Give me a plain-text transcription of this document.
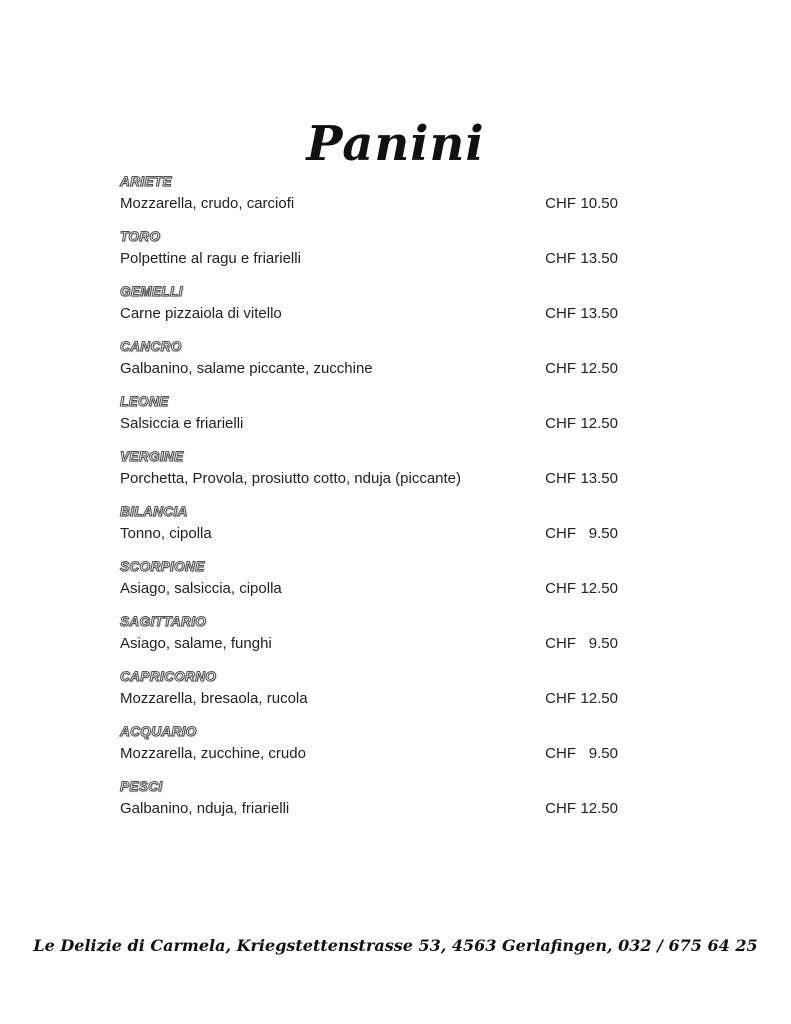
Panini
ARIETE
Mozzarella, crudo, carciofi	CHF 10.50
TORO
Polpettine al ragu e friarielli	CHF 13.50
GEMELLI
Carne pizzaiola di vitello	CHF 13.50
CANCRO
Galbanino, salame piccante, zucchine	CHF 12.50
LEONE
Salsiccia e friarielli	CHF 12.50
VERGINE
Porchetta, Provola, prosiutto cotto, nduja (piccante)	CHF 13.50
BILANCIA
Tonno, cipolla	CHF 9.50
SCORPIONE
Asiago, salsiccia, cipolla	CHF 12.50
SAGITTARIO
Asiago, salame, funghi	CHF 9.50
CAPRICORNO
Mozzarella, bresaola, rucola	CHF 12.50
ACQUARIO
Mozzarella, zucchine, crudo	CHF 9.50
PESCI
Galbanino, nduja, friarielli	CHF 12.50
Le Delizie di Carmela, Kriegstettenstrasse 53, 4563 Gerlafingen, 032 / 675 64 25
